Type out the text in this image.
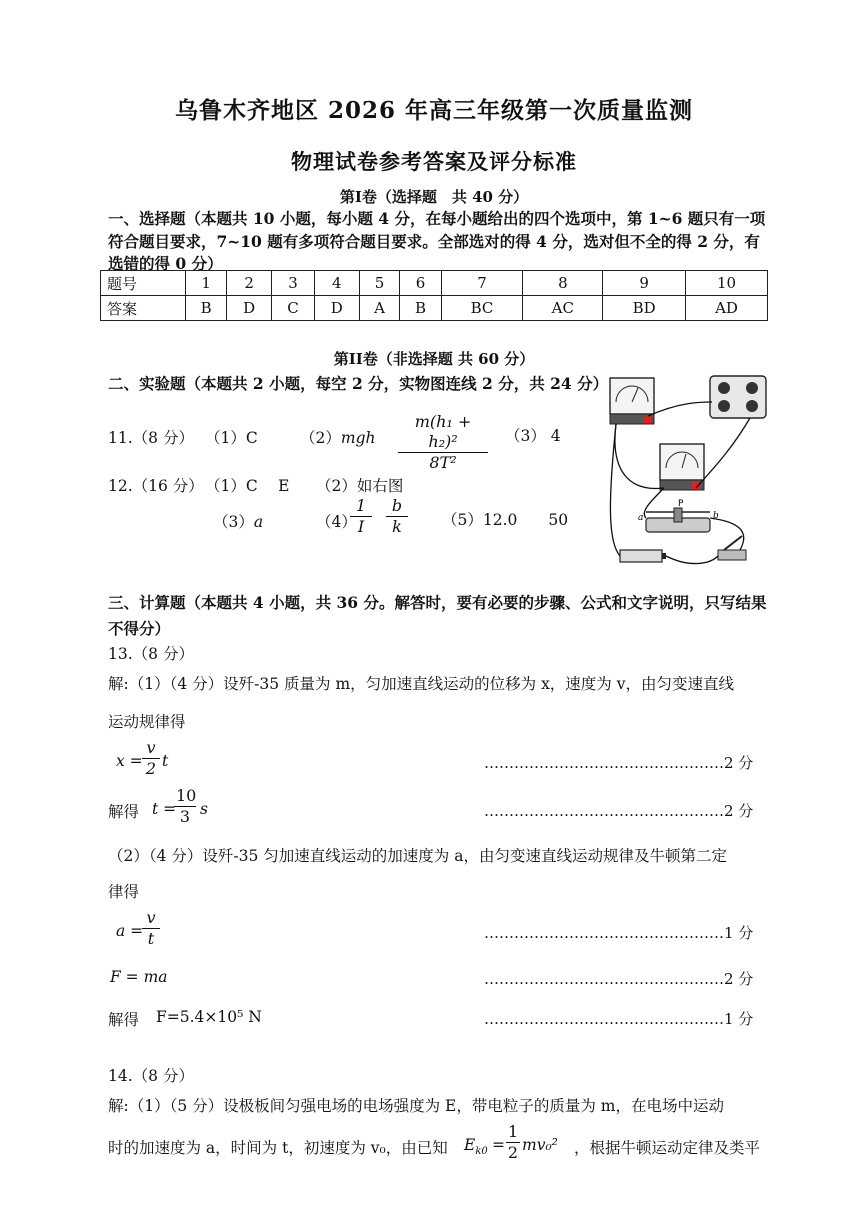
乌鲁木齐地区 2026 年高三年级第一次质量监测
物理试卷参考答案及评分标准
第I卷（选择题　共 40 分）
一、选择题（本题共 10 小题，每小题 4 分，在每小题给出的四个选项中，第 1~6 题只有一项符合题目要求，7~10 题有多项符合题目要求。全部选对的得 4 分，选对但不全的得 2 分，有选错的得 0 分）
题号	1	2	3	4	5	6	7	8	9	10
答案	B	D	C	D	A	B	BC	AC	BD	AD
第II卷（非选择题 共 60 分）
二、实验题（本题共 2 小题，每空 2 分，实物图连线 2 分，共 24 分）
11.（8 分） （1）C	$(2)mgh \frac{\text{m(h₁ + h₂)²}}{\text{8T²}} (3)$ 4
12.（16 分） （1）C　 E （2）如右图
（3）a	（4）
$\frac{1}{I} \frac{b}{k} (5)12.0$　　50
P
a	b
三、计算题（本题共 4 小题，共 36 分。解答时，要有必要的步骤、公式和文字说明，只写结果不得分）
13.（8 分）
解:（1）（4 分）设歼-35 质量为 m，匀加速直线运动的位移为 x，速度为 v，由匀变速直线
运动规律得
$x = \frac{v}{2}$ t	…………………………………………2 分
解得 t =
$\frac{10}{3}$ s	…………………………………………2 分
（2）（4 分）设歼-35 匀加速直线运动的加速度为 a，由匀变速直线运动规律及牛顿第二定
律得
a =
$\frac{v}{t}$	…………………………………………1 分
F = ma	…………………………………………2 分
解得 F=5.4×10⁵ N	…………………………………………1 分
14.（8 分）
解:（1）（5 分）设极板间匀强电场的电场强度为 E，带电粒子的质量为 m，在电场中运动
时的加速度为 a，时间为 t，初速度为 v₀，由已知 $E_{k0} = \frac{1}{2} mv_0^2$ ，根据牛顿运动定律及类平
